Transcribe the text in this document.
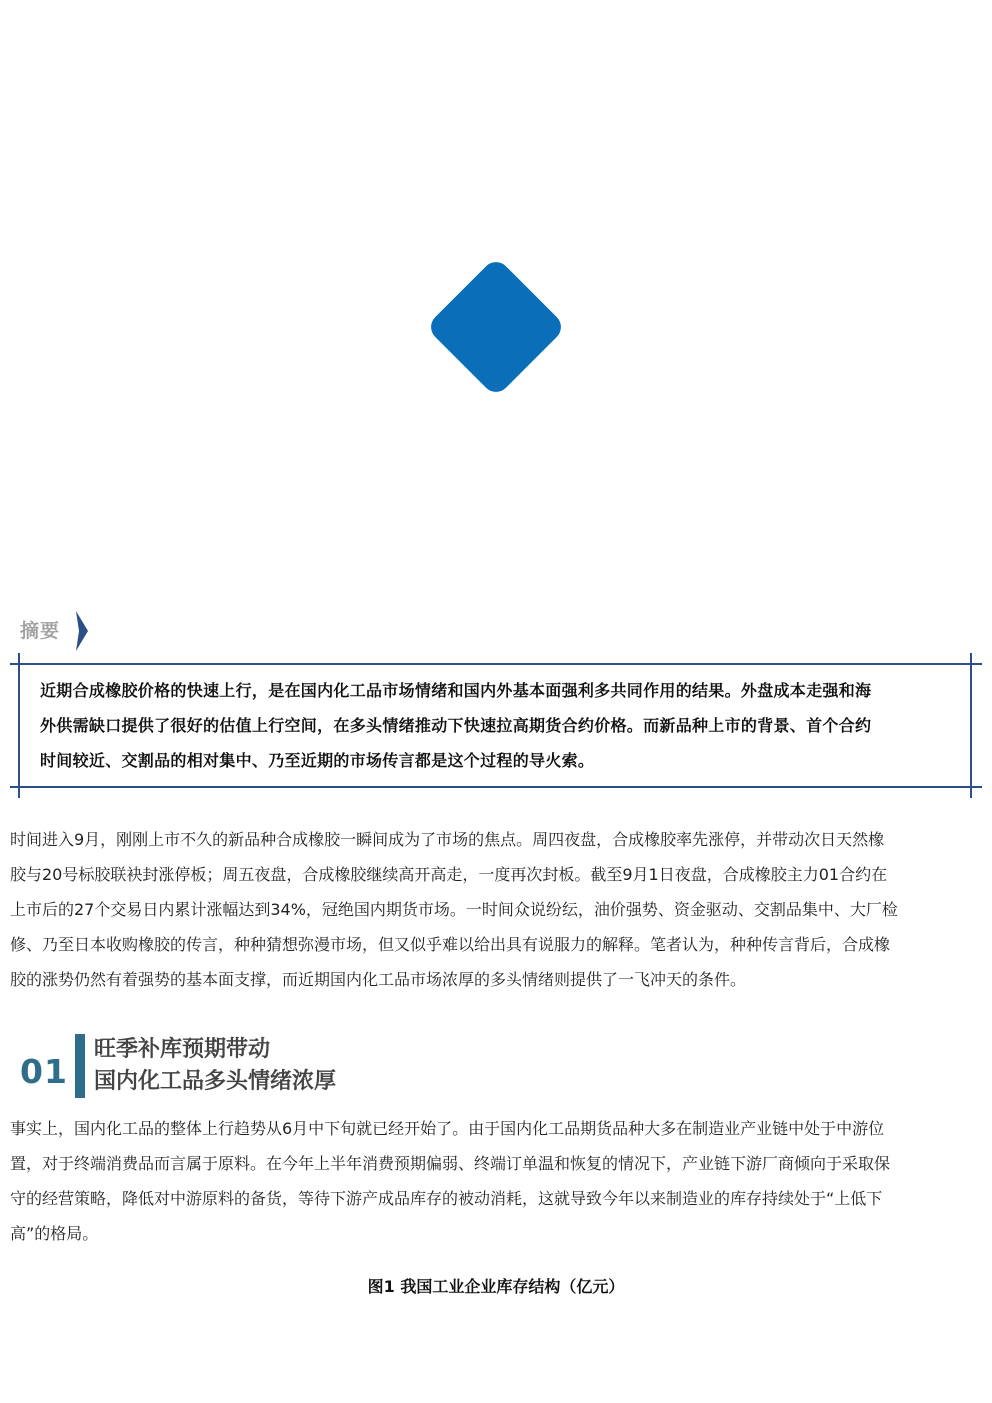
摘要
近期合成橡胶价格的快速上行，是在国内化工品市场情绪和国内外基本面强利多共同作用的结果。外盘成本走强和海
外供需缺口提供了很好的估值上行空间，在多头情绪推动下快速拉高期货合约价格。而新品种上市的背景、首个合约
时间较近、交割品的相对集中、乃至近期的市场传言都是这个过程的导火索。
时间进入9月，刚刚上市不久的新品种合成橡胶一瞬间成为了市场的焦点。周四夜盘，合成橡胶率先涨停，并带动次日天然橡
胶与20号标胶联袂封涨停板；周五夜盘，合成橡胶继续高开高走，一度再次封板。截至9月1日夜盘，合成橡胶主力01合约在
上市后的27个交易日内累计涨幅达到34%，冠绝国内期货市场。一时间众说纷纭，油价强势、资金驱动、交割品集中、大厂检
修、乃至日本收购橡胶的传言，种种猜想弥漫市场，但又似乎难以给出具有说服力的解释。笔者认为，种种传言背后，合成橡
胶的涨势仍然有着强势的基本面支撑，而近期国内化工品市场浓厚的多头情绪则提供了一飞冲天的条件。
01
旺季补库预期带动
国内化工品多头情绪浓厚
事实上，国内化工品的整体上行趋势从6月中下旬就已经开始了。由于国内化工品期货品种大多在制造业产业链中处于中游位
置，对于终端消费品而言属于原料。在今年上半年消费预期偏弱、终端订单温和恢复的情况下，产业链下游厂商倾向于采取保
守的经营策略，降低对中游原料的备货，等待下游产成品库存的被动消耗，这就导致今年以来制造业的库存持续处于“上低下
高”的格局。
图1 我国工业企业库存结构（亿元）
